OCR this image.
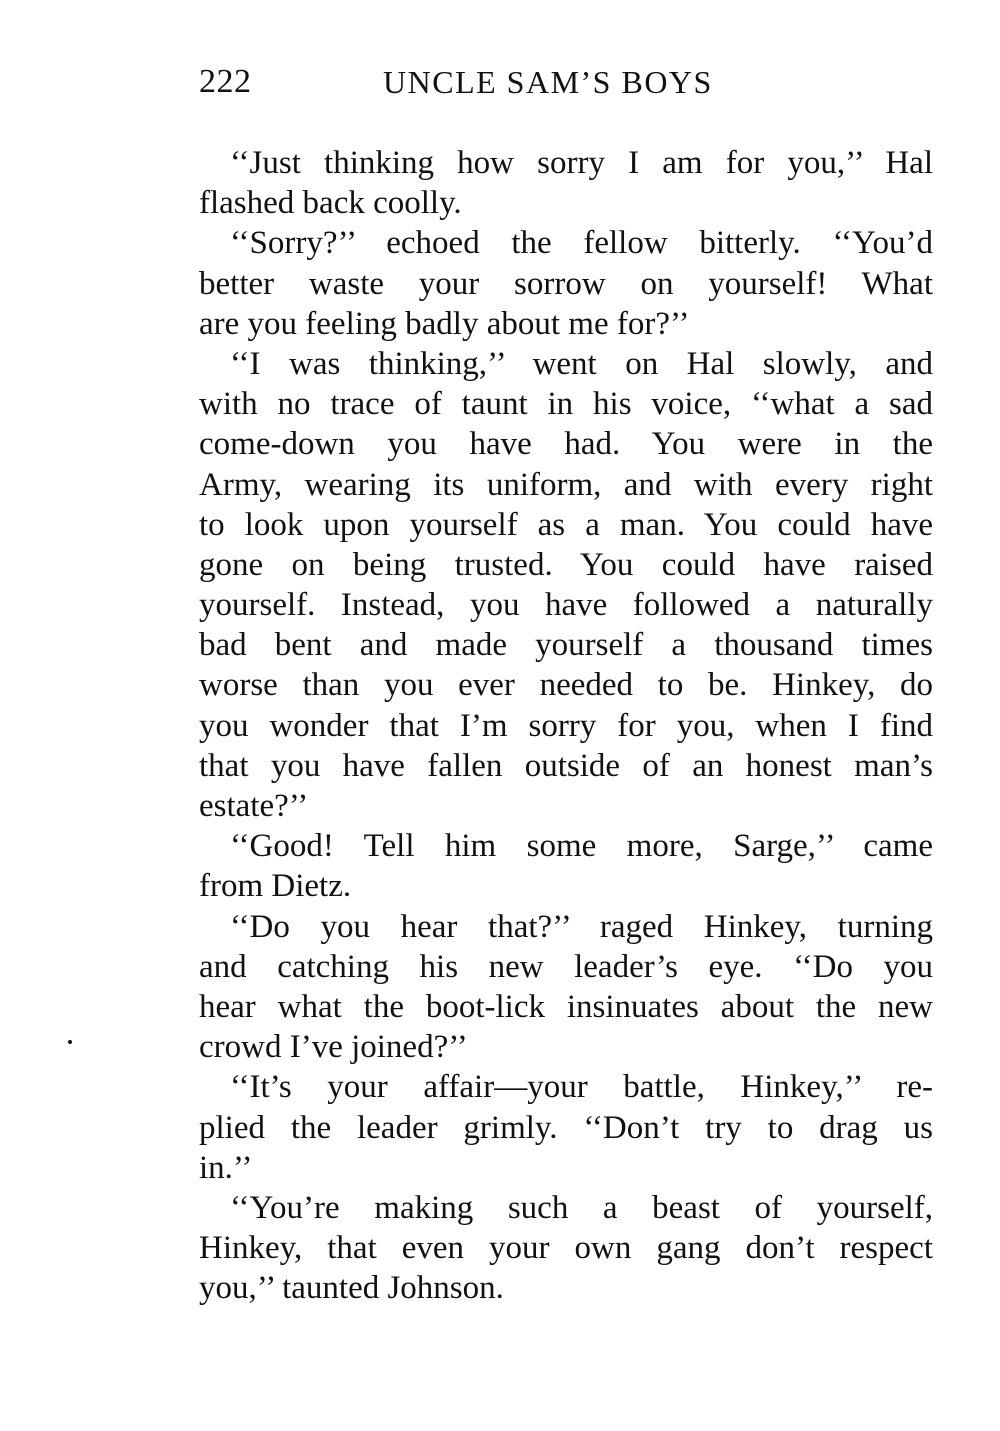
222	UNCLE SAM’S BOYS
‘‘Just thinking how sorry I am for you,’’ Hal
flashed back coolly.
‘‘Sorry?’’ echoed the fellow bitterly. ‘‘You’d
better waste your sorrow on yourself! What
are you feeling badly about me for?’’
‘‘I was thinking,’’ went on Hal slowly, and
with no trace of taunt in his voice, ‘‘what a sad
come-down you have had. You were in the
Army, wearing its uniform, and with every right
to look upon yourself as a man. You could have
gone on being trusted. You could have raised
yourself. Instead, you have followed a naturally
bad bent and made yourself a thousand times
worse than you ever needed to be. Hinkey, do
you wonder that I’m sorry for you, when I find
that you have fallen outside of an honest man’s
estate?’’
‘‘Good! Tell him some more, Sarge,’’ came
from Dietz.
‘‘Do you hear that?’’ raged Hinkey, turning
and catching his new leader’s eye. ‘‘Do you
hear what the boot-lick insinuates about the new
crowd I’ve joined?’’
‘‘It’s your affair—your battle, Hinkey,’’ re-
plied the leader grimly. ‘‘Don’t try to drag us
in.’’
‘‘You’re making such a beast of yourself,
Hinkey, that even your own gang don’t respect
you,’’ taunted Johnson.
